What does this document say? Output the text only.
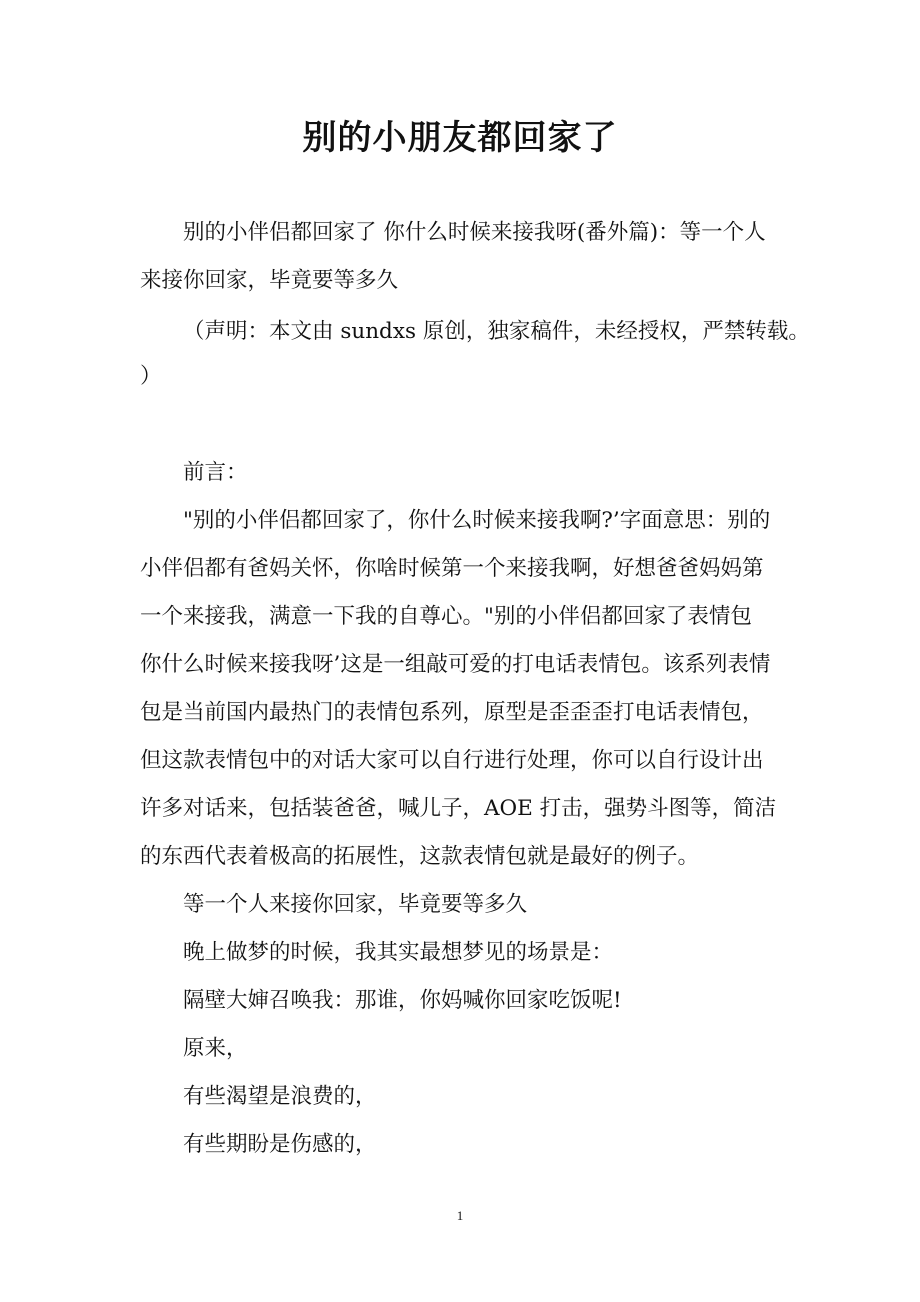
别的小朋友都回家了

别的小伴侣都回家了 你什么时候来接我呀(番外篇)：等一个人

来接你回家，毕竟要等多久

（声明：本文由 sundxs 原创，独家稿件，未经授权，严禁转载。

）

前言：

"别的小伴侣都回家了，你什么时候来接我啊?’字面意思：别的

小伴侣都有爸妈关怀，你啥时候第一个来接我啊，好想爸爸妈妈第

一个来接我，满意一下我的自尊心。"别的小伴侣都回家了表情包

你什么时候来接我呀’这是一组敲可爱的打电话表情包。该系列表情

包是当前国内最热门的表情包系列，原型是歪歪歪打电话表情包，

但这款表情包中的对话大家可以自行进行处理，你可以自行设计出

许多对话来，包括装爸爸，喊儿子，AOE 打击，强势斗图等，简洁

的东西代表着极高的拓展性，这款表情包就是最好的例子。

等一个人来接你回家，毕竟要等多久

晚上做梦的时候，我其实最想梦见的场景是：

隔壁大婶召唤我：那谁，你妈喊你回家吃饭呢!

原来，

有些渴望是浪费的，

有些期盼是伤感的，

1
